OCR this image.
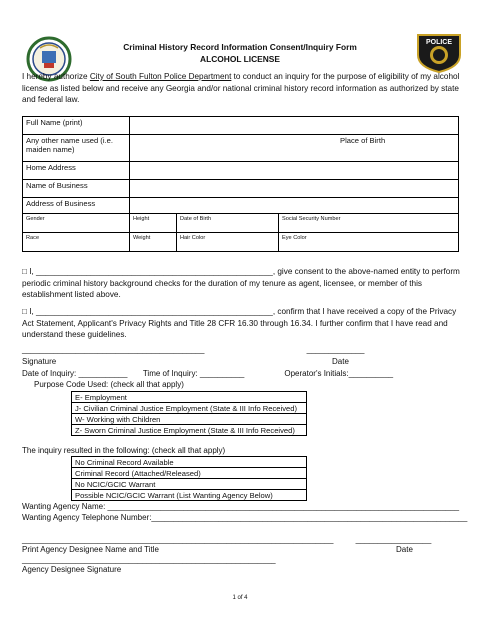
POLICE
Criminal History Record Information Consent/Inquiry Form
ALCOHOL LICENSE
I hereby authorize City of South Fulton Police Department to conduct an inquiry for the purpose of eligibility of my alcohol license as listed below and receive any Georgia and/or national criminal history record information as authorized by state and federal law.
Full Name (print)			
Any other name used (i.e. maiden name)	Place of Birth		

Home Address			
Name of Business			
Address of Business			
Gender	Height	Date of Birth	Social Security Number
Race	Weight	Hair Color	Eye Color
□ I, ____________________________________________________, give consent to the above-named entity to perform periodic criminal history background checks for the duration of my tenure as agent, licensee, or member of this establishment listed above.
□ I, ____________________________________________________, confirm that I have received a copy of the Privacy Act Statement, Applicant's Privacy Rights and Title 28 CFR 16.30 through 16.34. I further confirm that I have read and understand these guidelines.
_________________________________________                                              _____________
Signature	Date
Date of Inquiry: ___________       Time of Inquiry: __________                  Operator's Initials:__________
Purpose Code Used: (check all that apply)
E- Employment
J- Civilian Criminal Justice Employment (State & III Info Received)
W- Working with Children
Z- Sworn Criminal Justice Employment (State & III Info Received)
The inquiry resulted in the following: (check all that apply)
No Criminal Record Available
Criminal Record (Attached/Released)
No NCIC/GCIC Warrant
Possible NCIC/GCIC Warrant (List Wanting Agency Below)
Wanting Agency Name: _______________________________________________________________________________
Wanting Agency Telephone Number:_______________________________________________________________________
______________________________________________________________________          _________________
Print Agency Designee Name and Title	Date
_________________________________________________________
Agency Designee Signature
1 of 4
